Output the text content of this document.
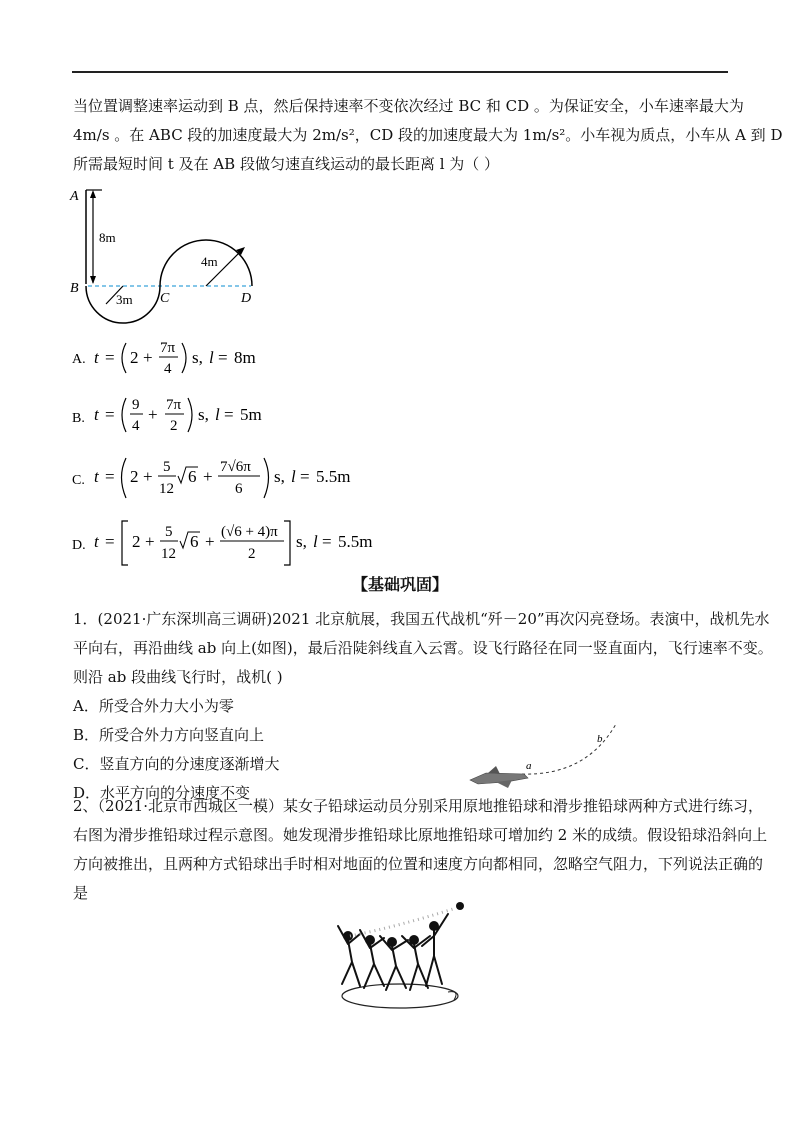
当位置调整速率运动到 B 点，然后保持速率不变依次经过 BC 和 CD 。为保证安全，小车速率最大为
4m/s 。在 ABC 段的加速度最大为 2m/s²，CD 段的加速度最大为 1m/s²。小车视为质点，小车从 A 到 D
所需最短时间 t 及在 AB 段做匀速直线运动的最长距离 l 为（ ）
A
B
C	D
8m
3m
4m
A. t = 2 + 7π
4
s, l = 8m
B. t = 9
4
+ 7π
2
s, l = 5m
C. t = 2 + 5
12
6 + 7√6π
6
s, l = 5.5m
D. t = 2 + 5
12
6 + (√6 + 4)π
2
s, l = 5.5m
【基础巩固】
1．(2021·广东深圳高三调研)2021 北京航展，我国五代战机“歼－20”再次闪亮登场。表演中，战机先水
平向右，再沿曲线 ab 向上(如图)，最后沿陡斜线直入云霄。设飞行路径在同一竖直面内，飞行速率不变。
则沿 ab 段曲线飞行时，战机( )
A．所受合外力大小为零
B．所受合外力方向竖直向上
C．竖直方向的分速度逐渐增大
D．水平方向的分速度不变
a
b
2、（2021·北京市西城区一模）某女子铅球运动员分别采用原地推铅球和滑步推铅球两种方式进行练习，
右图为滑步推铅球过程示意图。她发现滑步推铅球比原地推铅球可增加约 2 米的成绩。假设铅球沿斜向上
方向被推出，且两种方式铅球出手时相对地面的位置和速度方向都相同，忽略空气阻力，下列说法正确的
是
